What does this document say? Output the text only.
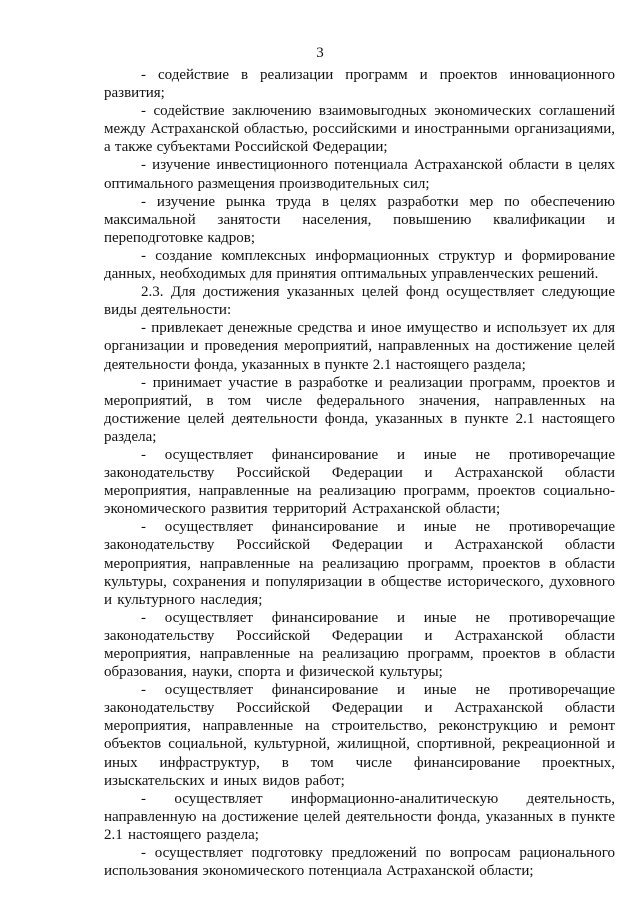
3

- содействие в реализации программ и проектов инновационного развития;

- содействие заключению взаимовыгодных экономических соглашений между Астраханской областью, российскими и иностранными организациями, а также субъектами Российской Федерации;

- изучение инвестиционного потенциала Астраханской области в целях оптимального размещения производительных сил;

- изучение рынка труда в целях разработки мер по обеспечению максимальной занятости населения, повышению квалификации и переподготовке кадров;

- создание комплексных информационных структур и формирование данных, необходимых для принятия оптимальных управленческих решений.

2.3. Для достижения указанных целей фонд осуществляет следующие виды деятельности:

- привлекает денежные средства и иное имущество и использует их для организации и проведения мероприятий, направленных на достижение целей деятельности фонда, указанных в пункте 2.1 настоящего раздела;

- принимает участие в разработке и реализации программ, проектов и мероприятий, в том числе федерального значения, направленных на достижение целей деятельности фонда, указанных в пункте 2.1 настоящего раздела;

- осуществляет финансирование и иные не противоречащие законодательству Российской Федерации и Астраханской области мероприятия, направленные на реализацию программ, проектов социально-экономического развития территорий Астраханской области;

- осуществляет финансирование и иные не противоречащие законодательству Российской Федерации и Астраханской области мероприятия, направленные на реализацию программ, проектов в области культуры, сохранения и популяризации в обществе исторического, духовного и культурного наследия;

- осуществляет финансирование и иные не противоречащие законодательству Российской Федерации и Астраханской области мероприятия, направленные на реализацию программ, проектов в области образования, науки, спорта и физической культуры;

- осуществляет финансирование и иные не противоречащие законодательству Российской Федерации и Астраханской области мероприятия, направленные на строительство, реконструкцию и ремонт объектов социальной, культурной, жилищной, спортивной, рекреационной и иных инфраструктур, в том числе финансирование проектных, изыскательских и иных видов работ;

- осуществляет информационно-аналитическую деятельность, направленную на достижение целей деятельности фонда, указанных в пункте 2.1 настоящего раздела;

- осуществляет подготовку предложений по вопросам рационального использования экономического потенциала Астраханской области;
